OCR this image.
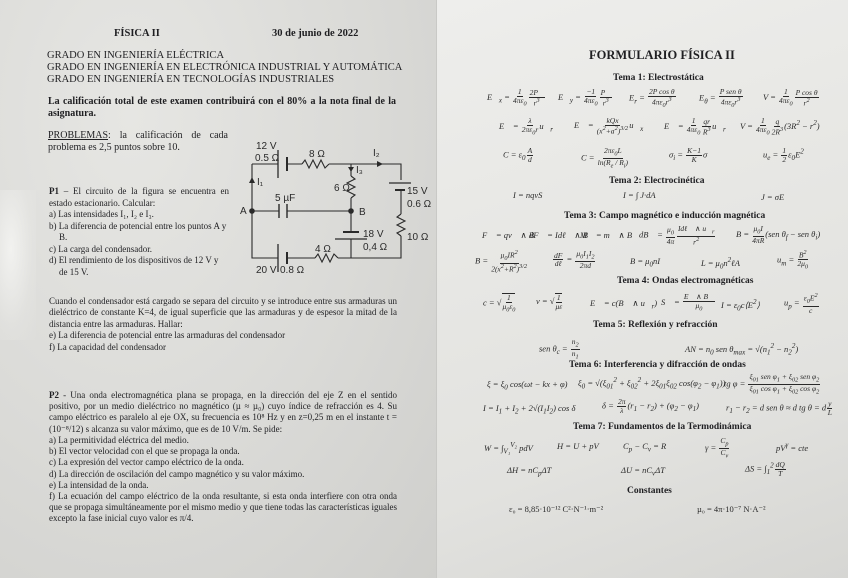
FÍSICA II	30 de junio de 2022
GRADO EN INGENIERÍA ELÉCTRICA
GRADO EN INGENIERÍA EN ELECTRÓNICA INDUSTRIAL Y AUTOMÁTICA
GRADO EN INGENIERÍA EN TECNOLOGÍAS INDUSTRIALES
La calificación total de este examen contribuirá con el 80% a la nota final de la asignatura.
PROBLEMAS: la calificación de cada problema es 2,5 puntos sobre 10.
P1 – El circuito de la figura se encuentra en estado estacionario. Calcular:
a) Las intensidades I₁, I₂ e I₃.
b) La diferencia de potencial entre los puntos A y B.
c) La carga del condensador.
d) El rendimiento de los dispositivos de 12 V y de 15 V.
Cuando el condensador está cargado se separa del circuito y se introduce entre sus armaduras un dieléctrico de constante K=4, de igual superficie que las armaduras y de espesor la mitad de la distancia entre las armaduras. Hallar:
e) La diferencia de potencial entre las armaduras del condensador
f) La capacidad del condensador
P2 - Una onda electromagnética plana se propaga, en la dirección del eje Z en el sentido positivo, por un medio dieléctrico no magnético (µ ≈ µ₀) cuyo índice de refracción es 4. Su campo eléctrico es paralelo al eje OX, su frecuencia es 10⁸ Hz y en z=0,25 m en el instante t = (10⁻⁸/12) s alcanza su valor máximo, que es de 10 V/m. Se pide:
a) La permitividad eléctrica del medio.
b) El vector velocidad con el que se propaga la onda.
c) La expresión del vector campo eléctrico de la onda.
d) La dirección de oscilación del campo magnético y su valor máximo.
e) La intensidad de la onda.
f) La ecuación del campo eléctrico de la onda resultante, si esta onda interfiere con otra onda que se propaga simultáneamente por el mismo medio y que tiene todas las características iguales excepto la fase inicial cuyo valor es π/4.
12 V
0.5 Ω	8 Ω	I₂
I₃
I₁
6 Ω
5 µF
A	B
15 V
0.6 Ω
18 V
0,4 Ω
10 Ω
4 Ω
20 V 0.8 Ω
FORMULARIO FÍSICA II
Tema 1: Electrostática
$E⃗_x = \frac{1}{4\pi\varepsilon_0} \frac{2P⃗}{r^3}$ $E⃗_y = \frac{-1}{4\pi\varepsilon_0} \frac{P⃗}{r^3} E_r = \frac{\text{2P cos θ}}{4\pi\varepsilon_0r^3}$	$E_\theta = \frac{\text{P sen θ}}{4\pi\varepsilon_0r^3}$ $V = \frac{1}{4\pi\varepsilon_0} \frac{\text{P cos θ}}{r^2}$
E⃗ = $\frac{\lambda}{2\pi\varepsilon_0r}$ $u⃗_r$ E⃗ = $\frac{\text{kQx}}{(x^2+a^2)^{3/2}}$ $u⃗_x$ E⃗ = $\frac{1}{4\pi\varepsilon_0} \frac{qr}{R^3}$ $u⃗_r$ $V = \frac{1}{4\pi\varepsilon_0} \frac{q}{2R^3} (3R^2 - r^2)$
$C = \varepsilon_0 \frac{A}{d}$	$C = \frac{2\pi\varepsilon_0L}{\ln(R_e / R_i)}$	$\sigma_i = \frac{K-1}{K}$ σ	$u_e = \frac{1}{2} \varepsilon_0E^2$
Tema 2: Electrocinética
I = nqvS	I = ∫ J·dA	J = σE
Tema 3: Campo magnético e inducción magnética
F⃗ = qv⃗ ∧ B⃗
dF⃗ = Idℓ⃗ ∧ B⃗
M⃗ = m⃗ ∧ B⃗ dB⃗ = $\frac{\mu_0}{4\pi} \frac{Id\ell⃗ \wedge u⃗_r}{r^2}$ $B = \frac{\mu_0I}{4\pi R} (sen$ $\theta_f$ − sen $\theta_i$)
$B = \frac{\mu_0IR^2}{2(x^2+R^2)^{3/2}}$	$\frac{dF}{\text{dℓ}} = \frac{\mu_0I_1I_2}{2\pi d}$	$B = \mu_0nI$	$L = \mu_0n^2\ell A$	$u_m = \frac{B^2}{2\mu_0}$
Tema 4: Ondas electromagnéticas
c = √ $\frac{1}{\mu_0\varepsilon_0}$ v = √ $\frac{1}{\mu\varepsilon}$	E⃗ = c(B⃗ ∧ $u⃗_r$) S⃗ = $\frac{E⃗ \wedge B⃗}{\mu_0}$ $I = \varepsilon_0c⟨E^2⟩$	$u_p = \frac{\varepsilon_0E^2}{c}$
Tema 5: Reflexión y refracción
sen $\theta_c = \frac{n_2}{n_1}$	AN = $n_0$ sen $\theta_{max} = √(n_1^2 - n_2^2)$
Tema 6: Interferencia y difracción de ondas
$\xi = \xi_0$ cos(ωt − kx + φ) $\xi_0 = √(\xi_{01}^2 + \xi_{02}^2 + 2\xi_{01}\xi_{02}$ $\cos(\varphi_2 - \varphi_1)$)
tg $\varphi = \frac{\xi_{01} sen \varphi_1 + \xi_{02} sen \varphi_2}{\xi_{01} \cos \varphi_1 + \xi_{02} \cos \varphi_2}$
$I = I_1 + I_2 + 2√(I_1I_2)$ cos δ	$\delta = \frac{2\pi}{\lambda} (r_1 - r_2) + (\varphi_2 - \varphi_1)$	$r_1 - r_2 = d$ sen θ ≈ d tg θ = d $\frac{y}{L}$
Tema 7: Fundamentos de la Termodinámica
$W = \int_{V_1}^{V_2}$ pdV	H = U + pV	$C_p - C_v = R$	$\gamma = \frac{C_p}{C_v}$	$pV^\gamma$ = cte
$\Delta H = nC_p\Delta T$	$\Delta U = nC_v\Delta T$	$\Delta S = \int_1^2 \frac{dQ}{T}$
Constantes
ε₀ = 8,85·10⁻¹² C²·N⁻¹·m⁻²	µ₀ = 4π·10⁻⁷ N·A⁻²
